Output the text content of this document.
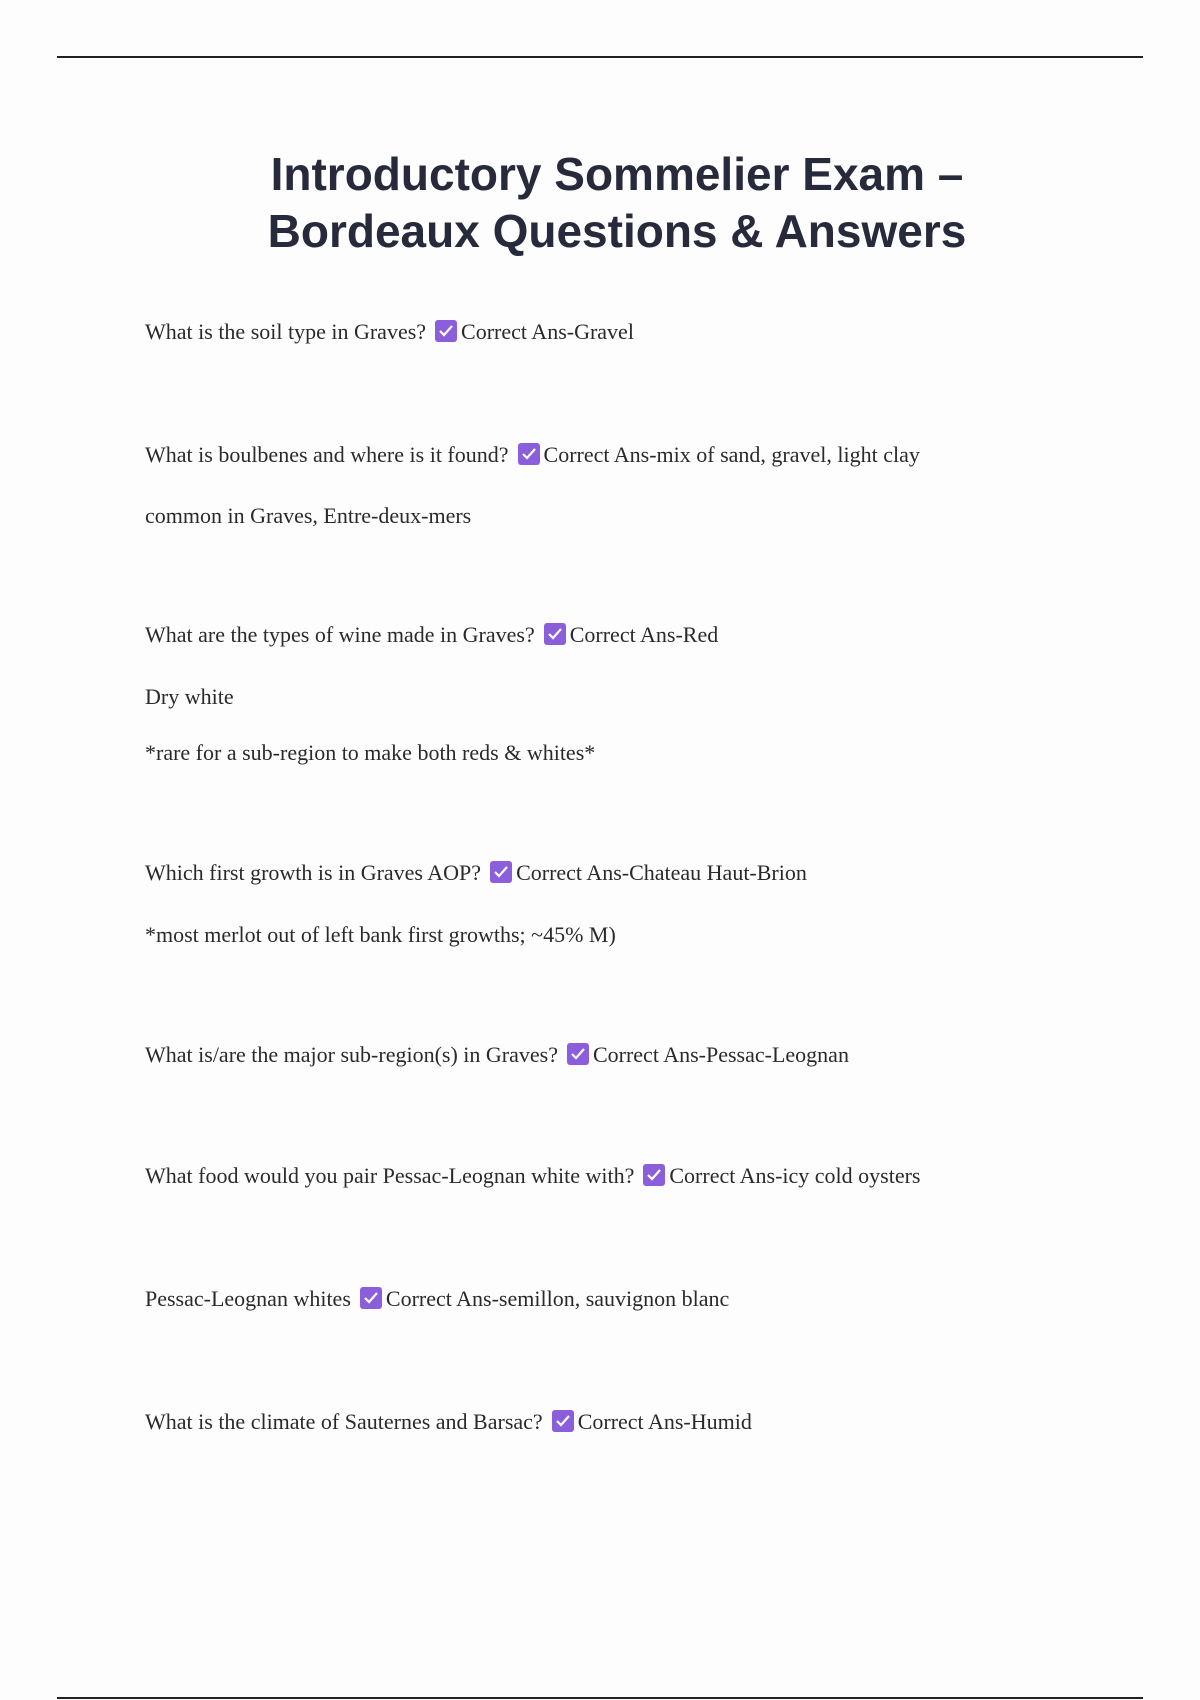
Introductory Sommelier Exam –
Bordeaux Questions & Answers
What is the soil type in Graves? Correct Ans-Gravel
What is boulbenes and where is it found? Correct Ans-mix of sand, gravel, light clay
common in Graves, Entre-deux-mers
What are the types of wine made in Graves? Correct Ans-Red
Dry white
*rare for a sub-region to make both reds & whites*
Which first growth is in Graves AOP? Correct Ans-Chateau Haut-Brion
*most merlot out of left bank first growths; ~45% M)
What is/are the major sub-region(s) in Graves? Correct Ans-Pessac-Leognan
What food would you pair Pessac-Leognan white with? Correct Ans-icy cold oysters
Pessac-Leognan whites Correct Ans-semillon, sauvignon blanc
What is the climate of Sauternes and Barsac? Correct Ans-Humid
